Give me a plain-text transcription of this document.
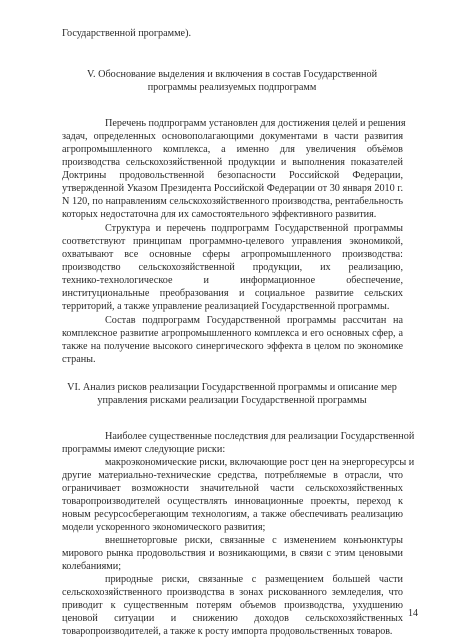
Государственной программе).
V. Обоснование выделения и включения в состав Государственной
программы реализуемых подпрограмм
Перечень подпрограмм установлен для достижения целей и решения
задач, определенных основополагающими документами в части развития
агропромышленного комплекса, а именно для увеличения объёмов
производства сельскохозяйственной продукции и выполнения показателей
Доктрины продовольственной безопасности Российской Федерации,
утвержденной Указом Президента Российской Федерации от 30 января 2010 г.
N 120, по направлениям сельскохозяйственного производства, рентабельность
которых недостаточна для их самостоятельного эффективного развития.
Структура и перечень подпрограмм Государственной программы
соответствуют принципам программно-целевого управления экономикой,
охватывают все основные сферы агропромышленного производства:
производство сельскохозяйственной продукции, их реализацию,
технико-технологическое и информационное обеспечение,
институциональные преобразования и социальное развитие сельских
территорий, а также управление реализацией Государственной программы.
Состав подпрограмм Государственной программы рассчитан на
комплексное развитие агропромышленного комплекса и его основных сфер, а
также на получение высокого синергического эффекта в целом по экономике
страны.
VI. Анализ рисков реализации Государственной программы и описание мер
управления рисками реализации Государственной программы
Наиболее существенные последствия для реализации Государственной
программы имеют следующие риски:
макроэкономические риски, включающие рост цен на энергоресурсы и
другие материально-технические средства, потребляемые в отрасли, что
ограничивает возможности значительной части сельскохозяйственных
товаропроизводителей осуществлять инновационные проекты, переход к
новым ресурсосберегающим технологиям, а также обеспечивать реализацию
модели ускоренного экономического развития;
внешнеторговые риски, связанные с изменением конъюнктуры
мирового рынка продовольствия и возникающими, в связи с этим ценовыми
колебаниями;
природные риски, связанные с размещением большей части
сельскохозяйственного производства в зонах рискованного земледелия, что
приводит к существенным потерям объемов производства, ухудшению
ценовой ситуации и снижению доходов сельскохозяйственных
товаропроизводителей, а также к росту импорта продовольственных товаров.
14
